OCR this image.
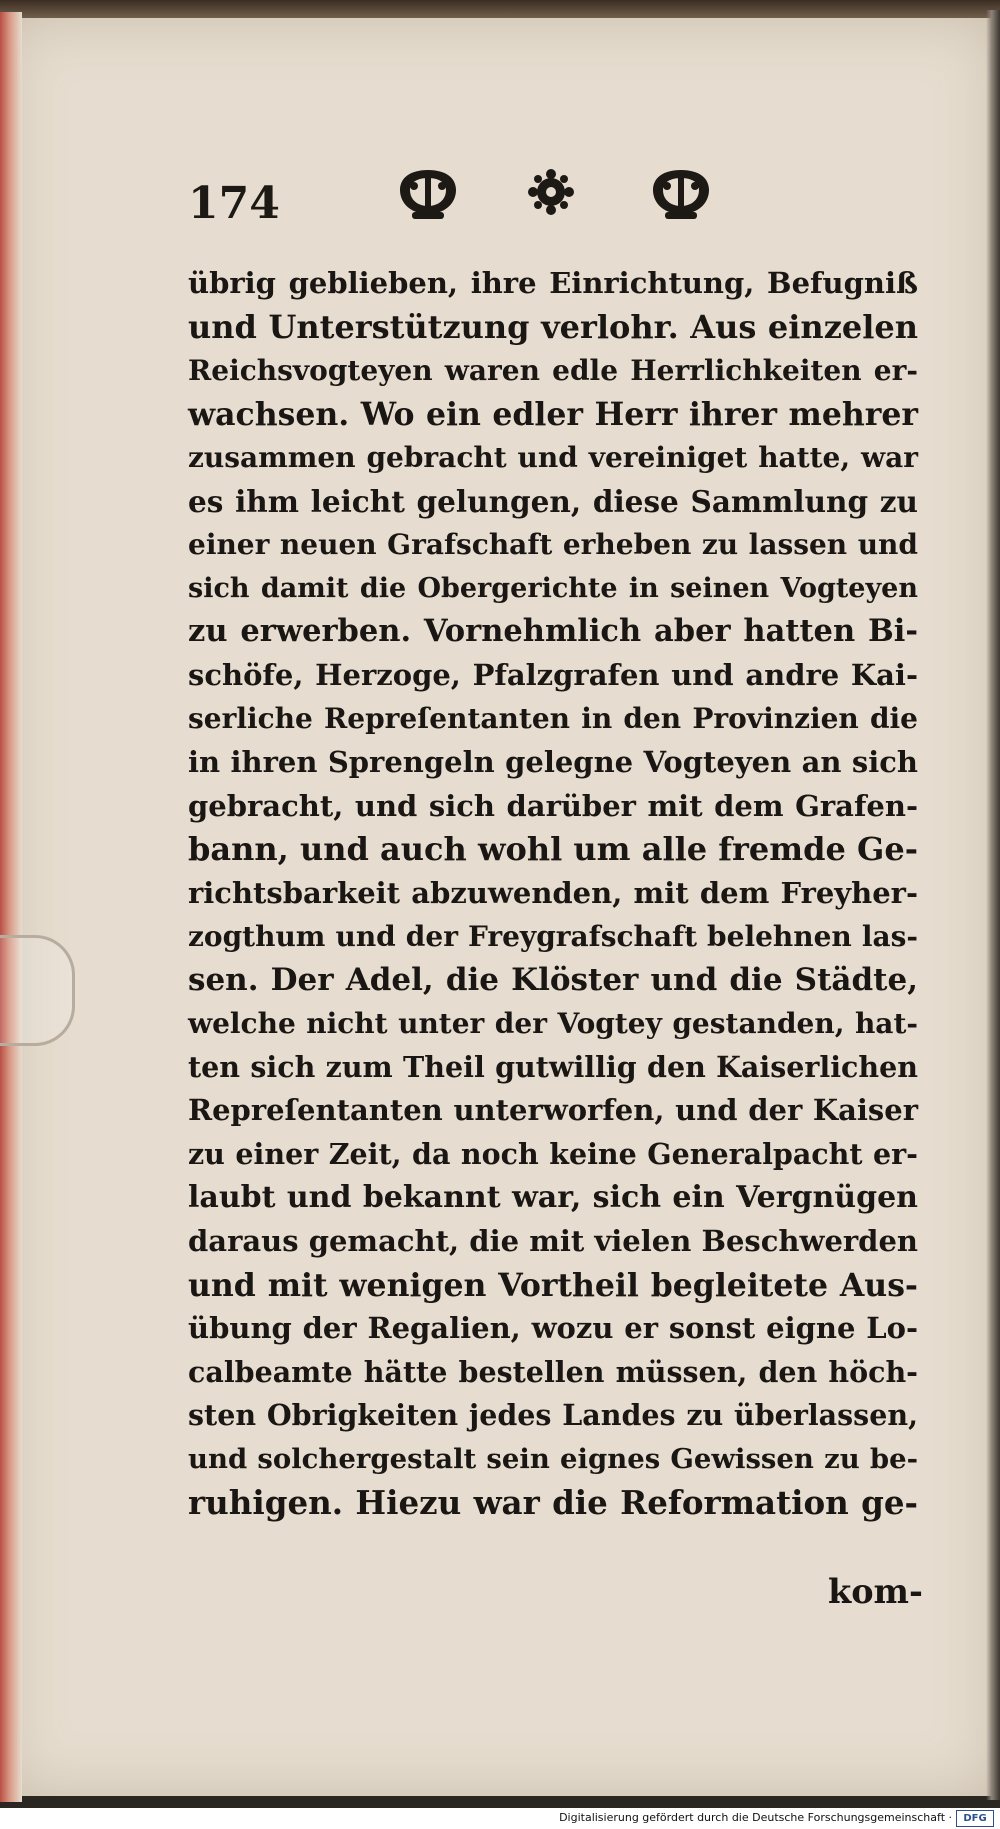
174
übrig geblieben, ihre Einrichtung, Befugniß
und Unterstützung verlohr. Aus einzelen
Reichsvogteyen waren edle Herrlichkeiten er-
wachsen. Wo ein edler Herr ihrer mehrer
zusammen gebracht und vereiniget hatte, war
es ihm leicht gelungen, diese Sammlung zu
einer neuen Grafschaft erheben zu lassen und
sich damit die Obergerichte in seinen Vogteyen
zu erwerben. Vornehmlich aber hatten Bi-
schöfe, Herzoge, Pfalzgrafen und andre Kai-
serliche Repreſentanten in den Provinzien die
in ihren Sprengeln gelegne Vogteyen an sich
gebracht, und sich darüber mit dem Grafen-
bann, und auch wohl um alle fremde Ge-
richtsbarkeit abzuwenden, mit dem Freyher-
zogthum und der Freygrafschaft belehnen las-
sen. Der Adel, die Klöster und die Städte,
welche nicht unter der Vogtey gestanden, hat-
ten sich zum Theil gutwillig den Kaiserlichen
Repreſentanten unterworfen, und der Kaiser
zu einer Zeit, da noch keine Generalpacht er-
laubt und bekannt war, sich ein Vergnügen
daraus gemacht, die mit vielen Beschwerden
und mit wenigen Vortheil begleitete Aus-
übung der Regalien, wozu er sonst eigne Lo-
calbeamte hätte bestellen müssen, den höch-
sten Obrigkeiten jedes Landes zu überlassen,
und solchergestalt sein eignes Gewissen zu be-
ruhigen. Hiezu war die Reformation ge-
kom-
Digitalisierung gefördert durch die Deutsche Forschungsgemeinschaft ·	DFG
